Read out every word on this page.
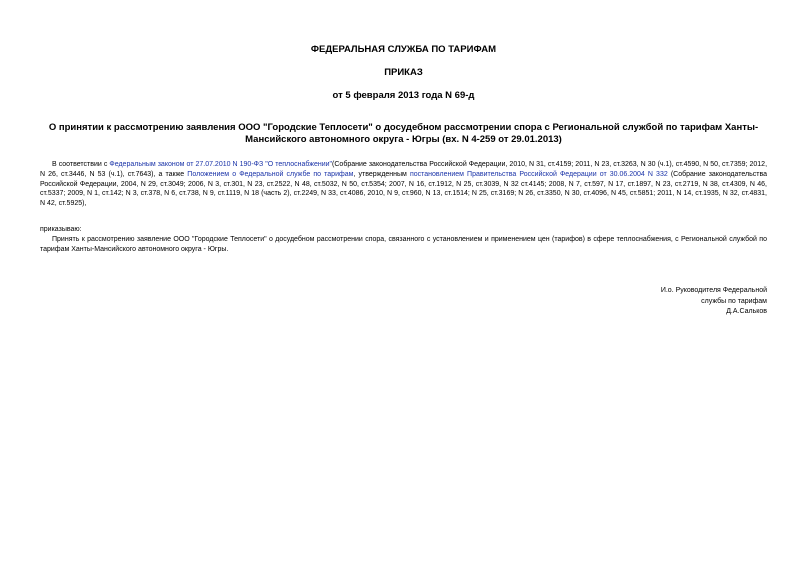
ФЕДЕРАЛЬНАЯ СЛУЖБА ПО ТАРИФАМ
ПРИКАЗ
от 5 февраля 2013 года N 69-д
О принятии к рассмотрению заявления ООО "Городские Теплосети" о досудебном рассмотрении спора с Региональной службой по тарифам Ханты-Мансийского автономного округа - Югры (вх. N 4-259 от 29.01.2013)
В соответствии с Федеральным законом от 27.07.2010 N 190-ФЗ "О теплоснабжении"(Собрание законодательства Российской Федерации, 2010, N 31, ст.4159; 2011, N 23, ст.3263, N 30 (ч.1), ст.4590, N 50, ст.7359; 2012, N 26, ст.3446, N 53 (ч.1), ст.7643), а также Положением о Федеральной службе по тарифам, утвержденным постановлением Правительства Российской Федерации от 30.06.2004 N 332 (Собрание законодательства Российской Федерации, 2004, N 29, ст.3049; 2006, N 3, ст.301, N 23, ст.2522, N 48, ст.5032, N 50, ст.5354; 2007, N 16, ст.1912, N 25, ст.3039, N 32 ст.4145; 2008, N 7, ст.597, N 17, ст.1897, N 23, ст.2719, N 38, ст.4309, N 46, ст.5337; 2009, N 1, ст.142; N 3, ст.378, N 6, ст.738, N 9, ст.1119, N 18 (часть 2), ст.2249, N 33, ст.4086, 2010, N 9, ст.960, N 13, ст.1514; N 25, ст.3169; N 26, ст.3350, N 30, ст.4096, N 45, ст.5851; 2011, N 14, ст.1935, N 32, ст.4831, N 42, ст.5925),
приказываю:
Принять к рассмотрению заявление ООО "Городские Теплосети" о досудебном рассмотрении спора, связанного с установлением и применением цен (тарифов) в сфере теплоснабжения, с Региональной службой по тарифам Ханты-Мансийского автономного округа - Югры.
И.о. Руководителя Федеральной
службы по тарифам
Д.А.Сальков
